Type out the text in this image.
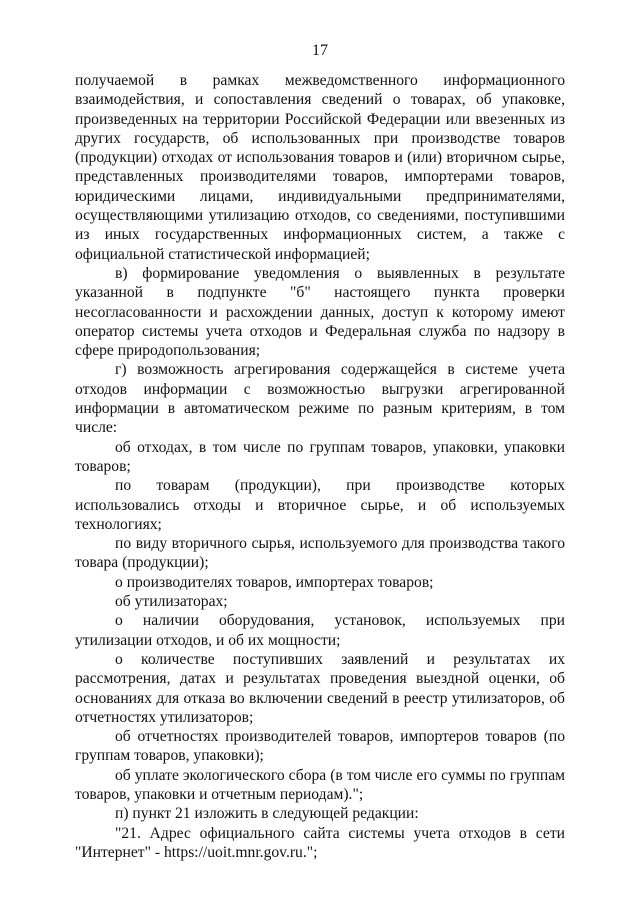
17

получаемой в рамках межведомственного информационного взаимодействия, и сопоставления сведений о товарах, об упаковке, произведенных на территории Российской Федерации или ввезенных из других государств, об использованных при производстве товаров (продукции) отходах от использования товаров и (или) вторичном сырье, представленных производителями товаров, импортерами товаров, юридическими лицами, индивидуальными предпринимателями, осуществляющими утилизацию отходов, со сведениями, поступившими из иных государственных информационных систем, а также с официальной статистической информацией;

в) формирование уведомления о выявленных в результате указанной в подпункте "б" настоящего пункта проверки несогласованности и расхождении данных, доступ к которому имеют оператор системы учета отходов и Федеральная служба по надзору в сфере природопользования;

г) возможность агрегирования содержащейся в системе учета отходов информации с возможностью выгрузки агрегированной информации в автоматическом режиме по разным критериям, в том числе:

об отходах, в том числе по группам товаров, упаковки, упаковки товаров;

по товарам (продукции), при производстве которых использовались отходы и вторичное сырье, и об используемых технологиях;

по виду вторичного сырья, используемого для производства такого товара (продукции);

о производителях товаров, импортерах товаров;

об утилизаторах;

о наличии оборудования, установок, используемых при утилизации отходов, и об их мощности;

о количестве поступивших заявлений и результатах их рассмотрения, датах и результатах проведения выездной оценки, об основаниях для отказа во включении сведений в реестр утилизаторов, об отчетностях утилизаторов;

об отчетностях производителей товаров, импортеров товаров (по группам товаров, упаковки);

об уплате экологического сбора (в том числе его суммы по группам товаров, упаковки и отчетным периодам).";

п) пункт 21 изложить в следующей редакции:

"21. Адрес официального сайта системы учета отходов в сети "Интернет" - https://uoit.mnr.gov.ru.";
